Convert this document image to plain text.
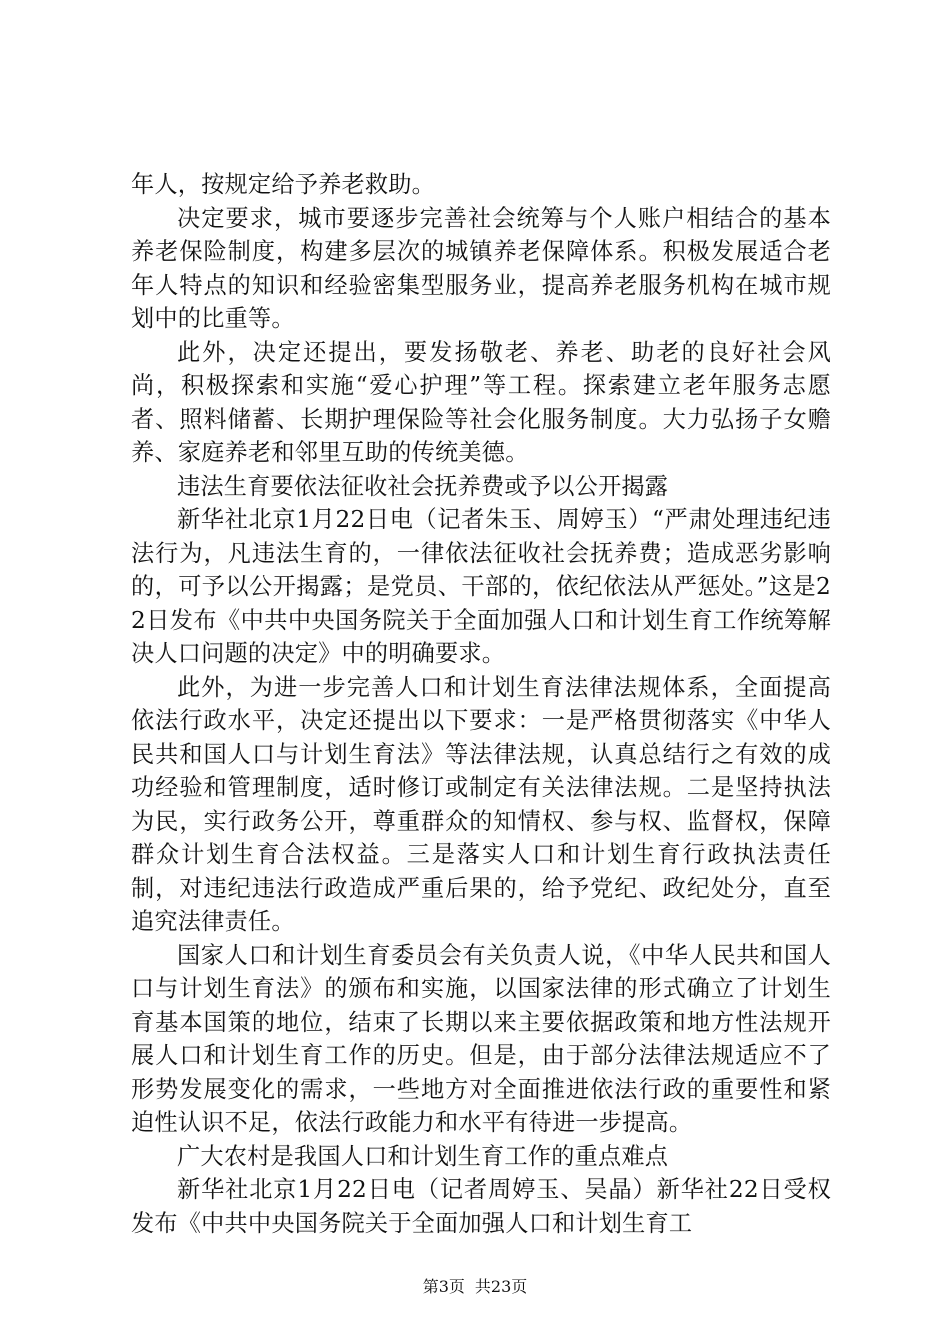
年人，按规定给予养老救助。

决定要求，城市要逐步完善社会统筹与个人账户相结合的基本养老保险制度，构建多层次的城镇养老保障体系。积极发展适合老年人特点的知识和经验密集型服务业，提高养老服务机构在城市规划中的比重等。

此外，决定还提出，要发扬敬老、养老、助老的良好社会风尚，积极探索和实施“爱心护理”等工程。探索建立老年服务志愿者、照料储蓄、长期护理保险等社会化服务制度。大力弘扬子女赡养、家庭养老和邻里互助的传统美德。

违法生育要依法征收社会抚养费或予以公开揭露

新华社北京1月22日电（记者朱玉、周婷玉）“严肃处理违纪违法行为，凡违法生育的，一律依法征收社会抚养费；造成恶劣影响的，可予以公开揭露；是党员、干部的，依纪依法从严惩处。”这是22日发布《中共中央国务院关于全面加强人口和计划生育工作统筹解决人口问题的决定》中的明确要求。

此外，为进一步完善人口和计划生育法律法规体系，全面提高依法行政水平，决定还提出以下要求：一是严格贯彻落实《中华人民共和国人口与计划生育法》等法律法规，认真总结行之有效的成功经验和管理制度，适时修订或制定有关法律法规。二是坚持执法为民，实行政务公开，尊重群众的知情权、参与权、监督权，保障群众计划生育合法权益。三是落实人口和计划生育行政执法责任制，对违纪违法行政造成严重后果的，给予党纪、政纪处分，直至追究法律责任。

国家人口和计划生育委员会有关负责人说，《中华人民共和国人口与计划生育法》的颁布和实施，以国家法律的形式确立了计划生育基本国策的地位，结束了长期以来主要依据政策和地方性法规开展人口和计划生育工作的历史。但是，由于部分法律法规适应不了形势发展变化的需求，一些地方对全面推进依法行政的重要性和紧迫性认识不足，依法行政能力和水平有待进一步提高。

广大农村是我国人口和计划生育工作的重点难点

新华社北京1月22日电（记者周婷玉、吴晶）新华社22日受权发布《中共中央国务院关于全面加强人口和计划生育工

第3页 共23页
